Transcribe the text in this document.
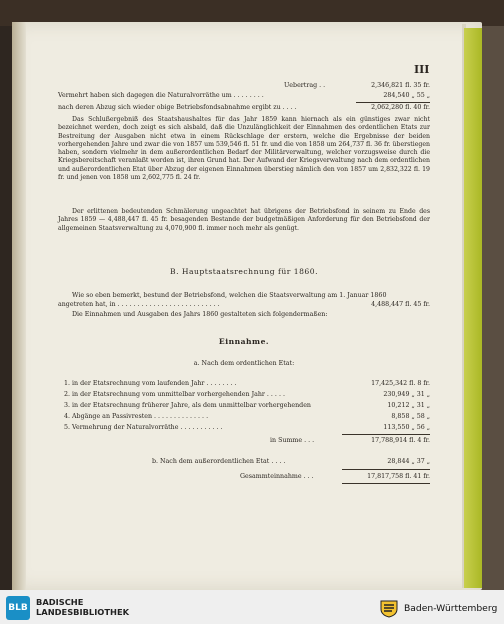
III
Uebertrag . .	2,346,821 fl. 35 fr.
Vermehrt haben sich dagegen die Naturalvorräthe um . . . . . . . .	284,540 „ 55 „
nach deren Abzug sich wieder obige Betriebsfondsabnahme ergibt zu . . . .	2,062,280 fl. 40 fr.
Das Schlußergebniß des Staatshaushaltes für das Jahr 1859 kann hiernach als ein günstiges zwar nicht bezeichnet werden, doch zeigt es sich alsbald, daß die Unzulänglichkeit der Einnahmen des ordentlichen Etats zur Bestreitung der Ausgaben nicht etwa in einem Rückschlage der erstern, welche die Ergebnisse der beiden vorhergehenden Jahre und zwar die von 1857 um 539,546 fl. 51 fr. und die von 1858 um 264,737 fl. 36 fr. überstiegen haben, sondern vielmehr in dem außerordentlichen Bedarf der Militärverwaltung, welcher vorzugsweise durch die Kriegsbereitschaft veranlaßt worden ist, ihren Grund hat. Der Aufwand der Kriegsverwaltung nach dem ordentlichen und außerordentlichen Etat über Abzug der eigenen Einnahmen überstieg nämlich den von 1857 um 2,832,322 fl. 19 fr. und jenen von 1858 um 2,602,775 fl. 24 fr.
Der erlittenen bedeutenden Schmälerung ungeachtet hat übrigens der Betriebsfond in seinem zu Ende des Jahres 1859 — 4,488,447 fl. 45 fr. besagenden Bestande der budgetmäßigen Anforderung für den Betriebsfond der allgemeinen Staatsverwaltung zu 4,070,900 fl. immer noch mehr als genügt.
B. Hauptstaatsrechnung für 1860.
Wie so eben bemerkt, bestund der Betriebsfond, welchen die Staatsverwaltung am 1. Januar 1860
angetreten hat, in . . . . . . . . . . . . . . . . . . . . . . . . . .	4,488,447 fl. 45 fr.
Die Einnahmen und Ausgaben des Jahrs 1860 gestalteten sich folgendermaßen:
Einnahme.
a. Nach dem ordentlichen Etat:
1. in der Etatsrechnung vom laufenden Jahr . . . . . . . .	17,425,342 fl. 8 fr.
2. in der Etatsrechnung vom unmittelbar vorhergehenden Jahr . . . . .	230,949 „ 31 „
3. in der Etatsrechnung früherer Jahre, als dem unmittelbar vorhergehenden	10,212 „ 31 „
4. Abgänge an Passivresten . . . . . . . . . . . . . .	8,858 „ 58 „
5. Vermehrung der Naturalvorräthe . . . . . . . . . . .	113,550 „ 56 „
in Summe . . .	17,788,914 fl. 4 fr.
b. Nach dem außerordentlichen Etat . . . .	28,844 „ 37 „
Gesammteinnahme . . .	17,817,758 fl. 41 fr.
BLB
BADISCHE
LANDESBIBLIOTHEK	Baden-Württemberg
